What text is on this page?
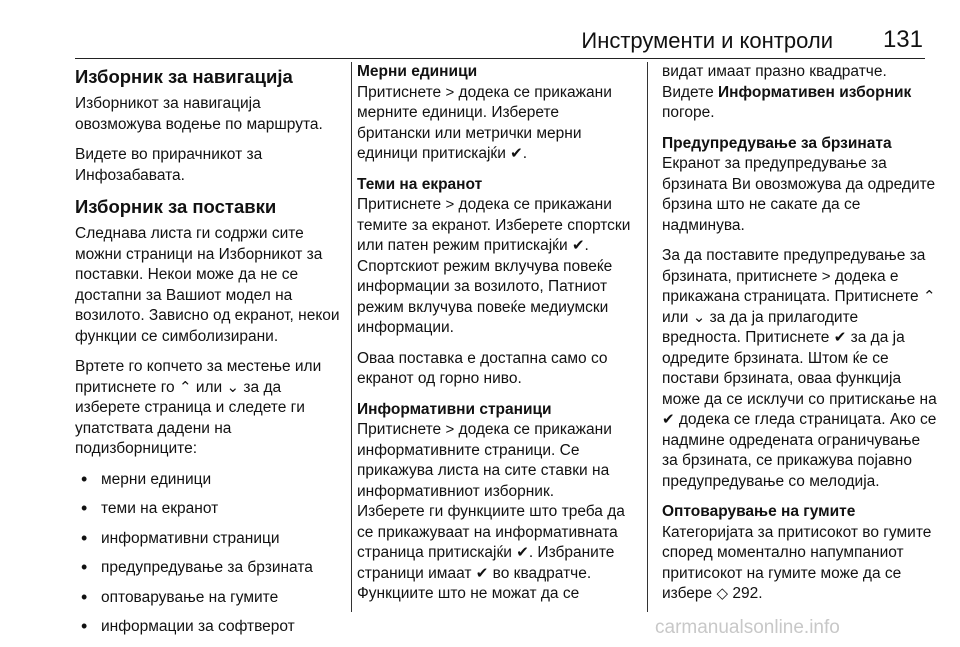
Инструменти и контроли 131
Изборник за навигација

Изборникот за навигација овозможува водење по маршрута.

Видете во прирачникот за Инфозабавата.

Изборник за поставки

Следнава листа ги содржи сите можни страници на Изборникот за поставки. Некои може да не се достапни за Вашиот модел на возилото. Зависно од екранот, некои функции се симболизирани.

Вртете го копчето за местење или притиснете го ⌃ или ⌄ за да изберете страница и следете ги упатствата дадени на подизборниците:

• мерни единици
• теми на екранот
• информативни страници
• предупредување за брзината
• оптоварување на гумите
• информации за софтверот
Мерни единици

Притиснете > додека се прикажани мерните единици. Изберете британски или метрички мерни единици притискајќи ✔.

Теми на екранот

Притиснете > додека се прикажани темите за екранот. Изберете спортски или патен режим притискајќи ✔. Спортскиот режим вклучува повеќе информации за возилото, Патниот режим вклучува повеќе медиумски информации.

Оваа поставка е достапна само со екранот од горно ниво.

Информативни страници

Притиснете > додека се прикажани информативните страници. Се прикажува листа на сите ставки на информативниот изборник.

Изберете ги функциите што треба да се прикажуваат на информативната страница притискајќи ✔. Избраните страници имаат ✔ во квадратче. Функциите што не можат да се

видат имаат празно квадратче. Видете Информативен изборник погоре.

Предупредување за брзината

Екранот за предупредување за брзината Ви овозможува да одредите брзина што не сакате да се надминува.

За да поставите предупредување за брзината, притиснете > додека е прикажана страницата. Притиснете ⌃ или ⌄ за да ја прилагодите вредноста. Притиснете ✔ за да ја одредите брзината. Штом ќе се постави брзината, оваа функција може да се исклучи со притискање на ✔ додека се гледа страницата. Ако се надмине одредената ограничувањe за брзината, се прикажува појавно предупредување со мелодија.

Оптоварување на гумите

Категоријата за притисокот во гумите според моментално напумпаниот притисокот на гумите може да се избере ◇ 292.

carmanualsonline.info
